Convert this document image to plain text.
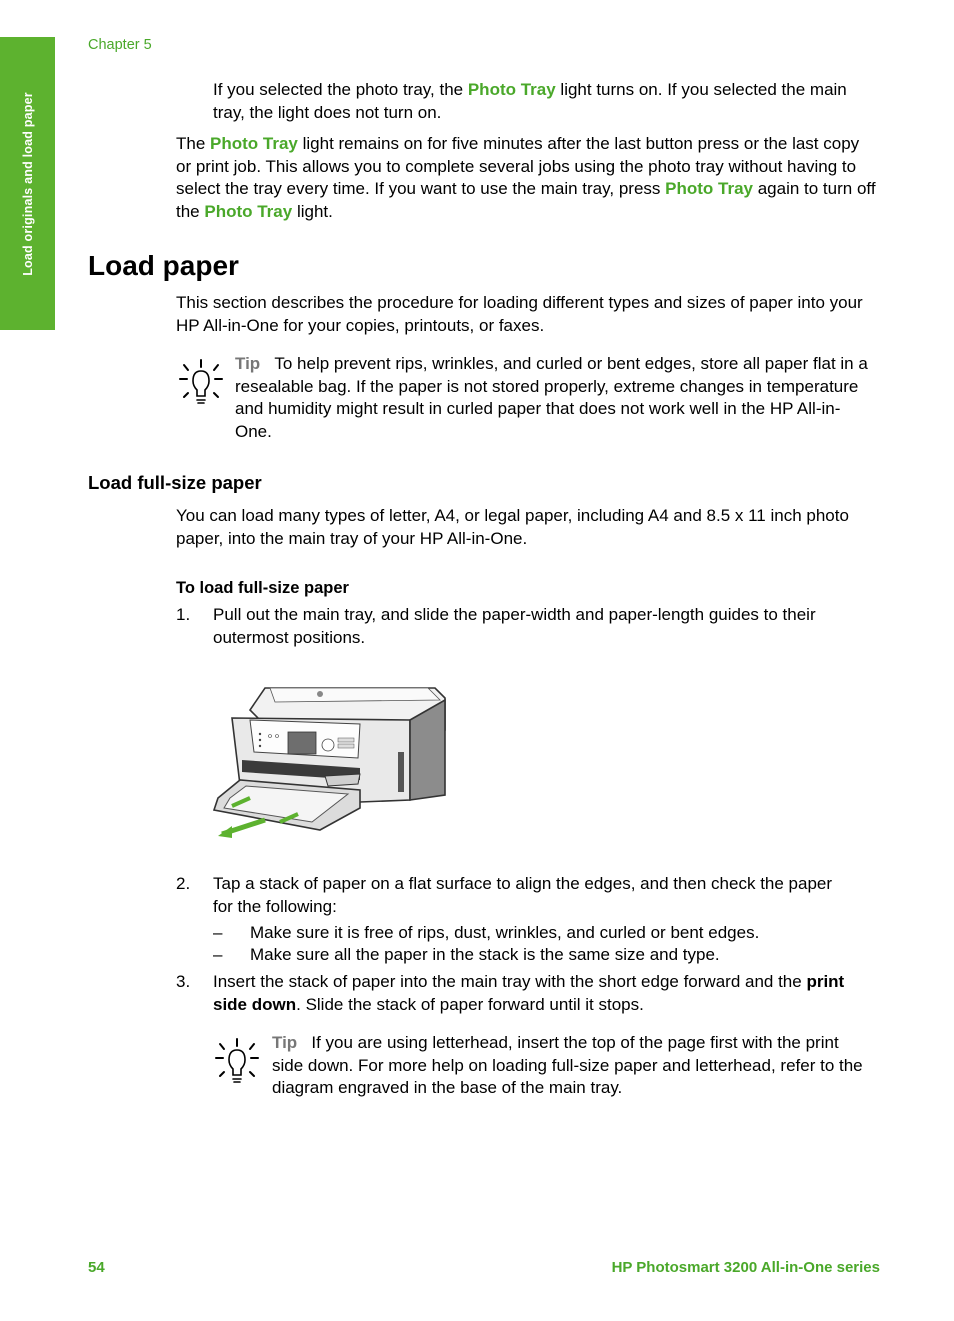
Load originals and load paper
Chapter 5
If you selected the photo tray, the Photo Tray light turns on. If you selected the main tray, the light does not turn on.
The Photo Tray light remains on for five minutes after the last button press or the last copy or print job. This allows you to complete several jobs using the photo tray without having to select the tray every time. If you want to use the main tray, press Photo Tray again to turn off the Photo Tray light.
Load paper
This section describes the procedure for loading different types and sizes of paper into your HP All-in-One for your copies, printouts, or faxes.
Tip To help prevent rips, wrinkles, and curled or bent edges, store all paper flat in a resealable bag. If the paper is not stored properly, extreme changes in temperature and humidity might result in curled paper that does not work well in the HP All-in-One.
Load full-size paper
You can load many types of letter, A4, or legal paper, including A4 and 8.5 x 11 inch photo paper, into the main tray of your HP All-in-One.
To load full-size paper
1.	Pull out the main tray, and slide the paper-width and paper-length guides to their outermost positions.
2.	Tap a stack of paper on a flat surface to align the edges, and then check the paper for the following:
– Make sure it is free of rips, dust, wrinkles, and curled or bent edges.
– Make sure all the paper in the stack is the same size and type.
3.	Insert the stack of paper into the main tray with the short edge forward and the print side down. Slide the stack of paper forward until it stops.
Tip If you are using letterhead, insert the top of the page first with the print side down. For more help on loading full-size paper and letterhead, refer to the diagram engraved in the base of the main tray.
54	HP Photosmart 3200 All-in-One series
